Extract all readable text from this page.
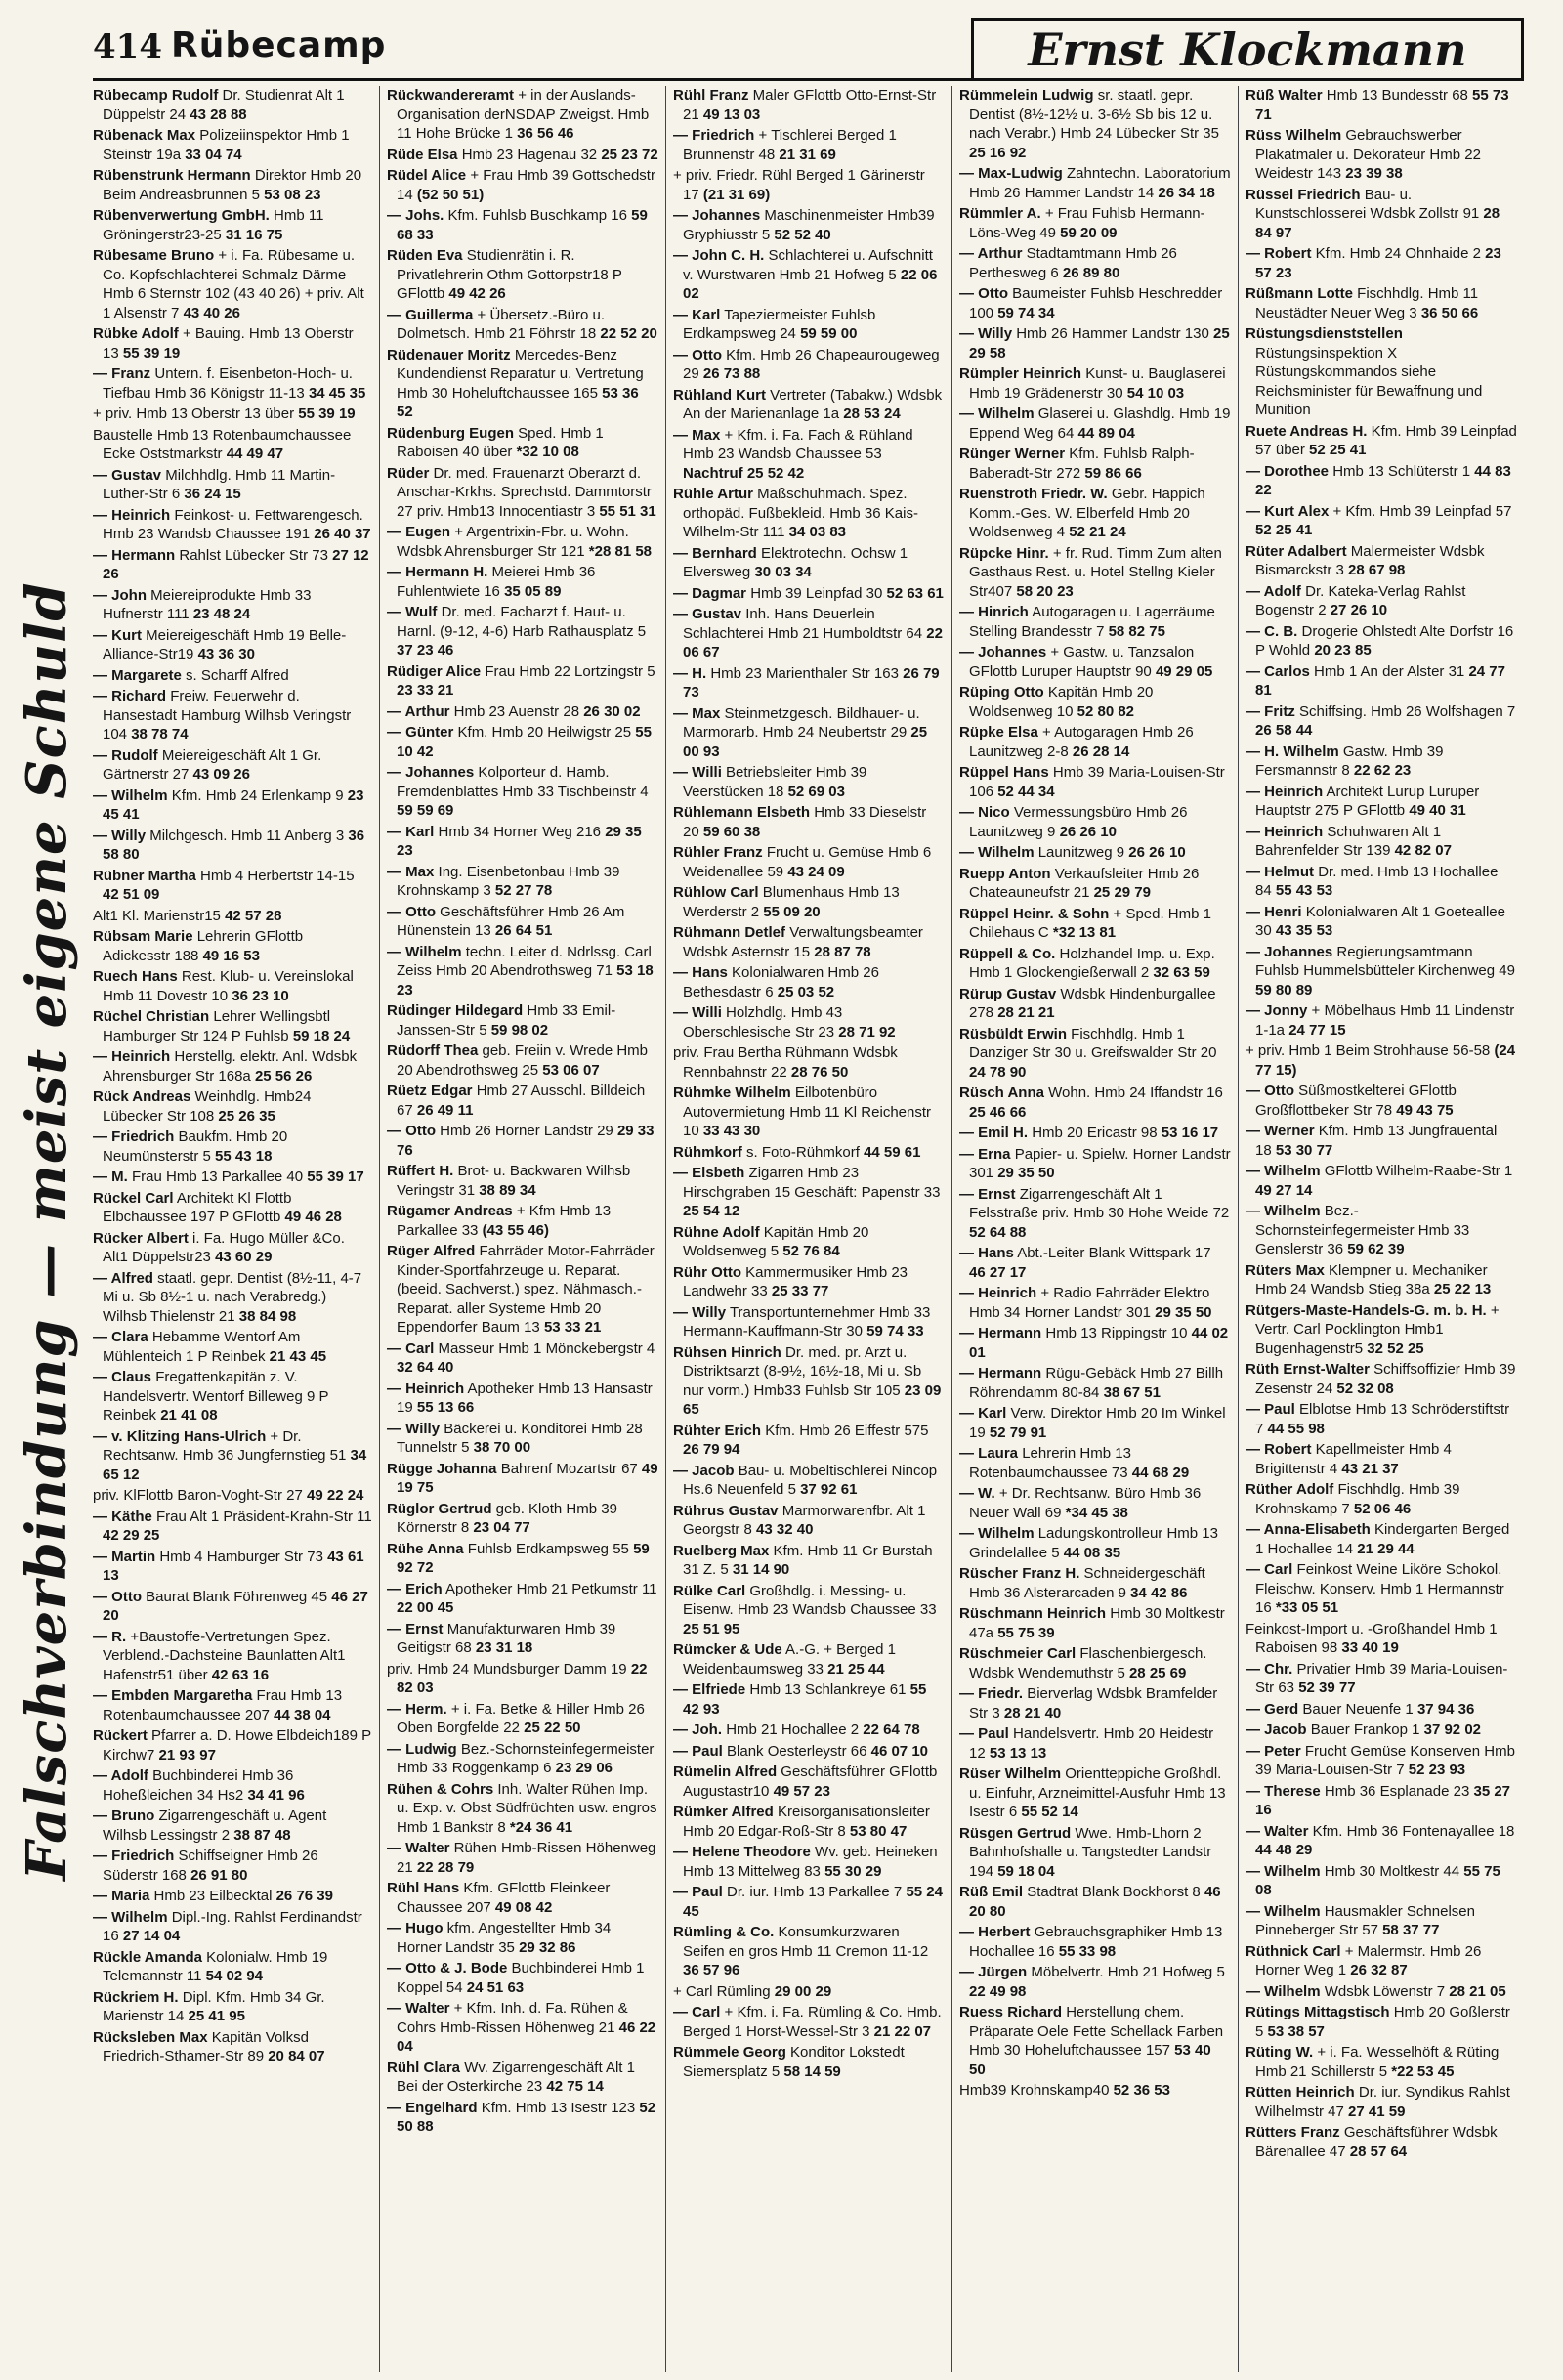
414 Rübecamp	Ernst Klockmann
Falschverbindung — meist eigene Schuld

Rübecamp Rudolf Dr. Studienrat Alt 1 Düppelstr 24 43 28 88

Rübenack Max Polizeiinspektor Hmb 1 Steinstr 19a 33 04 74

Rübenstrunk Hermann Direktor Hmb 20 Beim Andreasbrunnen 5 53 08 23

Rübenverwertung GmbH. Hmb 11 Gröningerstr23-25 31 16 75

Rübesame Bruno + i. Fa. Rübesame u. Co. Kopfschlachterei Schmalz Därme Hmb 6 Sternstr 102 (43 40 26) + priv. Alt 1 Alsenstr 7 43 40 26

Rübke Adolf + Bauing. Hmb 13 Oberstr 13 55 39 19

— Franz Untern. f. Eisenbeton-Hoch- u. Tiefbau Hmb 36 Königstr 11-13 34 45 35

+ priv. Hmb 13 Oberstr 13 über 55 39 19

Baustelle Hmb 13 Rotenbaumchaussee Ecke Oststmarkstr 44 49 47

— Gustav Milchhdlg. Hmb 11 Martin-Luther-Str 6 36 24 15

— Heinrich Feinkost- u. Fettwarengesch. Hmb 23 Wandsb Chaussee 191 26 40 37

— Hermann Rahlst Lübecker Str 73 27 12 26

— John Meiereiprodukte Hmb 33 Hufnerstr 111 23 48 24

— Kurt Meiereigeschäft Hmb 19 Belle-Alliance-Str19 43 36 30

— Margarete s. Scharff Alfred

— Richard Freiw. Feuerwehr d. Hansestadt Hamburg Wilhsb Veringstr 104 38 78 74

— Rudolf Meiereigeschäft Alt 1 Gr. Gärtnerstr 27 43 09 26

— Wilhelm Kfm. Hmb 24 Erlenkamp 9 23 45 41

— Willy Milchgesch. Hmb 11 Anberg 3 36 58 80

Rübner Martha Hmb 4 Herbertstr 14-15 42 51 09

Alt1 Kl. Marienstr15 42 57 28

Rübsam Marie Lehrerin GFlottb Adickesstr 188 49 16 53

Ruech Hans Rest. Klub- u. Vereinslokal Hmb 11 Dovestr 10 36 23 10

Rüchel Christian Lehrer Wellingsbtl Hamburger Str 124 P Fuhlsb 59 18 24

— Heinrich Herstellg. elektr. Anl. Wdsbk Ahrensburger Str 168a 25 56 26

Rück Andreas Weinhdlg. Hmb24 Lübecker Str 108 25 26 35

— Friedrich Baukfm. Hmb 20 Neumünsterstr 5 55 43 18

— M. Frau Hmb 13 Parkallee 40 55 39 17

Rückel Carl Architekt Kl Flottb Elbchaussee 197 P GFlottb 49 46 28

Rücker Albert i. Fa. Hugo Müller &Co. Alt1 Düppelstr23 43 60 29

— Alfred staatl. gepr. Dentist (8½-11, 4-7 Mi u. Sb 8½-1 u. nach Verabredg.) Wilhsb Thielenstr 21 38 84 98

— Clara Hebamme Wentorf Am Mühlenteich 1 P Reinbek 21 43 45

— Claus Fregattenkapitän z. V. Handelsvertr. Wentorf Billeweg 9 P Reinbek 21 41 08

— v. Klitzing Hans-Ulrich + Dr. Rechtsanw. Hmb 36 Jungfernstieg 51 34 65 12

priv. KlFlottb Baron-Voght-Str 27 49 22 24

— Käthe Frau Alt 1 Präsident-Krahn-Str 11 42 29 25

— Martin Hmb 4 Hamburger Str 73 43 61 13

— Otto Baurat Blank Föhrenweg 45 46 27 20

— R. +Baustoffe-Vertretungen Spez. Verblend.-Dachsteine Baunlatten Alt1 Hafenstr51 über 42 63 16

— Embden Margaretha Frau Hmb 13 Rotenbaumchaussee 207 44 38 04

Rückert Pfarrer a. D. Howe Elbdeich189 P Kirchw7 21 93 97

— Adolf Buchbinderei Hmb 36 Hoheßleichen 34 Hs2 34 41 96

— Bruno Zigarrengeschäft u. Agent Wilhsb Lessingstr 2 38 87 48

— Friedrich Schiffseigner Hmb 26 Süderstr 168 26 91 80

— Maria Hmb 23 Eilbecktal 26 76 39

— Wilhelm Dipl.-Ing. Rahlst Ferdinandstr 16 27 14 04

Rückle Amanda Kolonialw. Hmb 19 Telemannstr 11 54 02 94

Rückriem H. Dipl. Kfm. Hmb 34 Gr. Marienstr 14 25 41 95

Rücksleben Max Kapitän Volksd Friedrich-Sthamer-Str 89 20 84 07

Rückwandereramt + in der Auslands-Organisation derNSDAP Zweigst. Hmb 11 Hohe Brücke 1 36 56 46

Rüde Elsa Hmb 23 Hagenau 32 25 23 72

Rüdel Alice + Frau Hmb 39 Gottschedstr 14 (52 50 51)

— Johs. Kfm. Fuhlsb Buschkamp 16 59 68 33

Rüden Eva Studienrätin i. R. Privatlehrerin Othm Gottorpstr18 P GFlottb 49 42 26

— Guillerma + Übersetz.-Büro u. Dolmetsch. Hmb 21 Föhrstr 18 22 52 20

Rüdenauer Moritz Mercedes-Benz Kundendienst Reparatur u. Vertretung Hmb 30 Hoheluftchaussee 165 53 36 52

Rüdenburg Eugen Sped. Hmb 1 Raboisen 40 über *32 10 08

Rüder Dr. med. Frauenarzt Oberarzt d. Anschar-Krkhs. Sprechstd. Dammtorstr 27 priv. Hmb13 Innocentiastr 3 55 51 31

— Eugen + Argentrixin-Fbr. u. Wohn. Wdsbk Ahrensburger Str 121 *28 81 58

— Hermann H. Meierei Hmb 36 Fuhlentwiete 16 35 05 89

— Wulf Dr. med. Facharzt f. Haut- u. Harnl. (9-12, 4-6) Harb Rathausplatz 5 37 23 46

Rüdiger Alice Frau Hmb 22 Lortzingstr 5 23 33 21

— Arthur Hmb 23 Auenstr 28 26 30 02

— Günter Kfm. Hmb 20 Heilwigstr 25 55 10 42

— Johannes Kolporteur d. Hamb. Fremdenblattes Hmb 33 Tischbeinstr 4 59 59 69

— Karl Hmb 34 Horner Weg 216 29 35 23

— Max Ing. Eisenbetonbau Hmb 39 Krohnskamp 3 52 27 78

— Otto Geschäftsführer Hmb 26 Am Hünenstein 13 26 64 51

— Wilhelm techn. Leiter d. Ndrlssg. Carl Zeiss Hmb 20 Abendrothsweg 71 53 18 23

Rüdinger Hildegard Hmb 33 Emil-Janssen-Str 5 59 98 02

Rüdorff Thea geb. Freiin v. Wrede Hmb 20 Abendrothsweg 25 53 06 07

Rüetz Edgar Hmb 27 Ausschl. Billdeich 67 26 49 11

— Otto Hmb 26 Horner Landstr 29 29 33 76

Rüffert H. Brot- u. Backwaren Wilhsb Veringstr 31 38 89 34

Rügamer Andreas + Kfm Hmb 13 Parkallee 33 (43 55 46)

Rüger Alfred Fahrräder Motor-Fahrräder Kinder-Sportfahrzeuge u. Reparat. (beeid. Sachverst.) spez. Nähmasch.-Reparat. aller Systeme Hmb 20 Eppendorfer Baum 13 53 33 21

— Carl Masseur Hmb 1 Mönckebergstr 4 32 64 40

— Heinrich Apotheker Hmb 13 Hansastr 19 55 13 66

— Willy Bäckerei u. Konditorei Hmb 28 Tunnelstr 5 38 70 00

Rügge Johanna Bahrenf Mozartstr 67 49 19 75

Rüglor Gertrud geb. Kloth Hmb 39 Körnerstr 8 23 04 77

Rühe Anna Fuhlsb Erdkampsweg 55 59 92 72

— Erich Apotheker Hmb 21 Petkumstr 11 22 00 45

— Ernst Manufakturwaren Hmb 39 Geitigstr 68 23 31 18

priv. Hmb 24 Mundsburger Damm 19 22 82 03

— Herm. + i. Fa. Betke & Hiller Hmb 26 Oben Borgfelde 22 25 22 50

— Ludwig Bez.-Schornsteinfegermeister Hmb 33 Roggenkamp 6 23 29 06

Rühen & Cohrs Inh. Walter Rühen Imp. u. Exp. v. Obst Südfrüchten usw. engros Hmb 1 Bankstr 8 *24 36 41

— Walter Rühen Hmb-Rissen Höhenweg 21 22 28 79

Rühl Hans Kfm. GFlottb Fleinkeer Chaussee 207 49 08 42

— Hugo kfm. Angestellter Hmb 34 Horner Landstr 35 29 32 86

— Otto & J. Bode Buchbinderei Hmb 1 Koppel 54 24 51 63

— Walter + Kfm. Inh. d. Fa. Rühen & Cohrs Hmb-Rissen Höhenweg 21 46 22 04

Rühl Clara Wv. Zigarrengeschäft Alt 1 Bei der Osterkirche 23 42 75 14

— Engelhard Kfm. Hmb 13 Isestr 123 52 50 88

Rühl Franz Maler GFlottb Otto-Ernst-Str 21 49 13 03

— Friedrich + Tischlerei Berged 1 Brunnenstr 48 21 31 69

+ priv. Friedr. Rühl Berged 1 Gärinerstr 17 (21 31 69)

— Johannes Maschinenmeister Hmb39 Gryphiusstr 5 52 52 40

— John C. H. Schlachterei u. Aufschnitt v. Wurstwaren Hmb 21 Hofweg 5 22 06 02

— Karl Tapeziermeister Fuhlsb Erdkampsweg 24 59 59 00

— Otto Kfm. Hmb 26 Chapeaurougeweg 29 26 73 88

Rühland Kurt Vertreter (Tabakw.) Wdsbk An der Marienanlage 1a 28 53 24

— Max + Kfm. i. Fa. Fach & Rühland Hmb 23 Wandsb Chaussee 53 Nachtruf 25 52 42

Rühle Artur Maßschuhmach. Spez. orthopäd. Fußbekleid. Hmb 36 Kais-Wilhelm-Str 111 34 03 83

— Bernhard Elektrotechn. Ochsw 1 Elversweg 30 03 34

— Dagmar Hmb 39 Leinpfad 30 52 63 61

— Gustav Inh. Hans Deuerlein Schlachterei Hmb 21 Humboldtstr 64 22 06 67

— H. Hmb 23 Marienthaler Str 163 26 79 73

— Max Steinmetzgesch. Bildhauer- u. Marmorarb. Hmb 24 Neubertstr 29 25 00 93

— Willi Betriebsleiter Hmb 39 Veerstücken 18 52 69 03

Rühlemann Elsbeth Hmb 33 Dieselstr 20 59 60 38

Rühler Franz Frucht u. Gemüse Hmb 6 Weidenallee 59 43 24 09

Rühlow Carl Blumenhaus Hmb 13 Werderstr 2 55 09 20

Rühmann Detlef Verwaltungsbeamter Wdsbk Asternstr 15 28 87 78

— Hans Kolonialwaren Hmb 26 Bethesdastr 6 25 03 52

— Willi Holzhdlg. Hmb 43 Oberschlesische Str 23 28 71 92

priv. Frau Bertha Rühmann Wdsbk Rennbahnstr 22 28 76 50

Rühmke Wilhelm Eilbotenbüro Autovermietung Hmb 11 Kl Reichenstr 10 33 43 30

Rühmkorf s. Foto-Rühmkorf 44 59 61

— Elsbeth Zigarren Hmb 23 Hirschgraben 15 Geschäft: Papenstr 33 25 54 12

Rühne Adolf Kapitän Hmb 20 Woldsenweg 5 52 76 84

Rühr Otto Kammermusiker Hmb 23 Landwehr 33 25 33 77

— Willy Transportunternehmer Hmb 33 Hermann-Kauffmann-Str 30 59 74 33

Rühsen Hinrich Dr. med. pr. Arzt u. Distriktsarzt (8-9½, 16½-18, Mi u. Sb nur vorm.) Hmb33 Fuhlsb Str 105 23 09 65

Rühter Erich Kfm. Hmb 26 Eiffestr 575 26 79 94

— Jacob Bau- u. Möbeltischlerei Nincop Hs.6 Neuenfeld 5 37 92 61

Rührus Gustav Marmorwarenfbr. Alt 1 Georgstr 8 43 32 40

Ruelberg Max Kfm. Hmb 11 Gr Burstah 31 Z. 5 31 14 90

Rülke Carl Großhdlg. i. Messing- u. Eisenw. Hmb 23 Wandsb Chaussee 33 25 51 95

Rümcker & Ude A.-G. + Berged 1 Weidenbaumsweg 33 21 25 44

— Elfriede Hmb 13 Schlankreye 61 55 42 93

— Joh. Hmb 21 Hochallee 2 22 64 78

— Paul Blank Oesterleystr 66 46 07 10

Rümelin Alfred Geschäftsführer GFlottb Augustastr10 49 57 23

Rümker Alfred Kreisorganisationsleiter Hmb 20 Edgar-Roß-Str 8 53 80 47

— Helene Theodore Wv. geb. Heineken Hmb 13 Mittelweg 83 55 30 29

— Paul Dr. iur. Hmb 13 Parkallee 7 55 24 45

Rümling & Co. Konsumkurzwaren Seifen en gros Hmb 11 Cremon 11-12 36 57 96

+ Carl Rümling 29 00 29

— Carl + Kfm. i. Fa. Rümling & Co. Hmb. Berged 1 Horst-Wessel-Str 3 21 22 07

Rümmele Georg Konditor Lokstedt Siemersplatz 5 58 14 59

Rümmelein Ludwig sr. staatl. gepr. Dentist (8½-12½ u. 3-6½ Sb bis 12 u. nach Verabr.) Hmb 24 Lübecker Str 35 25 16 92

— Max-Ludwig Zahntechn. Laboratorium Hmb 26 Hammer Landstr 14 26 34 18

Rümmler A. + Frau Fuhlsb Hermann-Löns-Weg 49 59 20 09

— Arthur Stadtamtmann Hmb 26 Perthesweg 6 26 89 80

— Otto Baumeister Fuhlsb Heschredder 100 59 74 34

— Willy Hmb 26 Hammer Landstr 130 25 29 58

Rümpler Heinrich Kunst- u. Bauglaserei Hmb 19 Grädenerstr 30 54 10 03

— Wilhelm Glaserei u. Glashdlg. Hmb 19 Eppend Weg 64 44 89 04

Rünger Werner Kfm. Fuhlsb Ralph-Baberadt-Str 272 59 86 66

Ruenstroth Friedr. W. Gebr. Happich Komm.-Ges. W. Elberfeld Hmb 20 Woldsenweg 4 52 21 24

Rüpcke Hinr. + fr. Rud. Timm Zum alten Gasthaus Rest. u. Hotel Stellng Kieler Str407 58 20 23

— Hinrich Autogaragen u. Lagerräume Stelling Brandesstr 7 58 82 75

— Johannes + Gastw. u. Tanzsalon GFlottb Luruper Hauptstr 90 49 29 05

Rüping Otto Kapitän Hmb 20 Woldsenweg 10 52 80 82

Rüpke Elsa + Autogaragen Hmb 26 Launitzweg 2-8 26 28 14

Rüppel Hans Hmb 39 Maria-Louisen-Str 106 52 44 34

— Nico Vermessungsbüro Hmb 26 Launitzweg 9 26 26 10

— Wilhelm Launitzweg 9 26 26 10

Ruepp Anton Verkaufsleiter Hmb 26 Chateauneufstr 21 25 29 79

Rüppel Heinr. & Sohn + Sped. Hmb 1 Chilehaus C *32 13 81

Rüppell & Co. Holzhandel Imp. u. Exp. Hmb 1 Glockengießerwall 2 32 63 59

Rürup Gustav Wdsbk Hindenburgallee 278 28 21 21

Rüsbüldt Erwin Fischhdlg. Hmb 1 Danziger Str 30 u. Greifswalder Str 20 24 78 90

Rüsch Anna Wohn. Hmb 24 Iffandstr 16 25 46 66

— Emil H. Hmb 20 Ericastr 98 53 16 17

— Erna Papier- u. Spielw. Horner Landstr 301 29 35 50

— Ernst Zigarrengeschäft Alt 1 Felsstraße priv. Hmb 30 Hohe Weide 72 52 64 88

— Hans Abt.-Leiter Blank Wittspark 17 46 27 17

— Heinrich + Radio Fahrräder Elektro Hmb 34 Horner Landstr 301 29 35 50

— Hermann Hmb 13 Rippingstr 10 44 02 01

— Hermann Rügu-Gebäck Hmb 27 Billh Röhrendamm 80-84 38 67 51

— Karl Verw. Direktor Hmb 20 Im Winkel 19 52 79 91

— Laura Lehrerin Hmb 13 Rotenbaumchaussee 73 44 68 29

— W. + Dr. Rechtsanw. Büro Hmb 36 Neuer Wall 69 *34 45 38

— Wilhelm Ladungskontrolleur Hmb 13 Grindelallee 5 44 08 35

Rüscher Franz H. Schneidergeschäft Hmb 36 Alsterarcaden 9 34 42 86

Rüschmann Heinrich Hmb 30 Moltkestr 47a 55 75 39

Rüschmeier Carl Flaschenbiergesch. Wdsbk Wendemuthstr 5 28 25 69

— Friedr. Bierverlag Wdsbk Bramfelder Str 3 28 21 40

— Paul Handelsvertr. Hmb 20 Heidestr 12 53 13 13

Rüser Wilhelm Orientteppiche Großhdl. u. Einfuhr, Arzneimittel-Ausfuhr Hmb 13 Isestr 6 55 52 14

Rüsgen Gertrud Wwe. Hmb-Lhorn 2 Bahnhofshalle u. Tangstedter Landstr 194 59 18 04

Rüß Emil Stadtrat Blank Bockhorst 8 46 20 80

— Herbert Gebrauchsgraphiker Hmb 13 Hochallee 16 55 33 98

— Jürgen Möbelvertr. Hmb 21 Hofweg 5 22 49 98

Ruess Richard Herstellung chem. Präparate Oele Fette Schellack Farben Hmb 30 Hoheluftchaussee 157 53 40 50

Hmb39 Krohnskamp40 52 36 53

Rüß Walter Hmb 13 Bundesstr 68 55 73 71

Rüss Wilhelm Gebrauchswerber Plakatmaler u. Dekorateur Hmb 22 Weidestr 143 23 39 38

Rüssel Friedrich Bau- u. Kunstschlosserei Wdsbk Zollstr 91 28 84 97

— Robert Kfm. Hmb 24 Ohnhaide 2 23 57 23

Rüßmann Lotte Fischhdlg. Hmb 11 Neustädter Neuer Weg 3 36 50 66

Rüstungsdienststellen Rüstungsinspektion X Rüstungskommandos siehe Reichsminister für Bewaffnung und Munition

Ruete Andreas H. Kfm. Hmb 39 Leinpfad 57 über 52 25 41

— Dorothee Hmb 13 Schlüterstr 1 44 83 22

— Kurt Alex + Kfm. Hmb 39 Leinpfad 57 52 25 41

Rüter Adalbert Malermeister Wdsbk Bismarckstr 3 28 67 98

— Adolf Dr. Kateka-Verlag Rahlst Bogenstr 2 27 26 10

— C. B. Drogerie Ohlstedt Alte Dorfstr 16 P Wohld 20 23 85

— Carlos Hmb 1 An der Alster 31 24 77 81

— Fritz Schiffsing. Hmb 26 Wolfshagen 7 26 58 44

— H. Wilhelm Gastw. Hmb 39 Fersmannstr 8 22 62 23

— Heinrich Architekt Lurup Luruper Hauptstr 275 P GFlottb 49 40 31

— Heinrich Schuhwaren Alt 1 Bahrenfelder Str 139 42 82 07

— Helmut Dr. med. Hmb 13 Hochallee 84 55 43 53

— Henri Kolonialwaren Alt 1 Goeteallee 30 43 35 53

— Johannes Regierungsamtmann Fuhlsb Hummelsbütteler Kirchenweg 49 59 80 89

— Jonny + Möbelhaus Hmb 11 Lindenstr 1-1a 24 77 15

+ priv. Hmb 1 Beim Strohhause 56-58 (24 77 15)

— Otto Süßmostkelterei GFlottb Großflottbeker Str 78 49 43 75

— Werner Kfm. Hmb 13 Jungfrauental 18 53 30 77

— Wilhelm GFlottb Wilhelm-Raabe-Str 1 49 27 14

— Wilhelm Bez.-Schornsteinfegermeister Hmb 33 Genslerstr 36 59 62 39

Rüters Max Klempner u. Mechaniker Hmb 24 Wandsb Stieg 38a 25 22 13

Rütgers-Maste-Handels-G. m. b. H. + Vertr. Carl Pocklington Hmb1 Bugenhagenstr5 32 52 25

Rüth Ernst-Walter Schiffsoffizier Hmb 39 Zesenstr 24 52 32 08

— Paul Elblotse Hmb 13 Schröderstiftstr 7 44 55 98

— Robert Kapellmeister Hmb 4 Brigittenstr 4 43 21 37

Rüther Adolf Fischhdlg. Hmb 39 Krohnskamp 7 52 06 46

— Anna-Elisabeth Kindergarten Berged 1 Hochallee 14 21 29 44

— Carl Feinkost Weine Liköre Schokol. Fleischw. Konserv. Hmb 1 Hermannstr 16 *33 05 51

Feinkost-Import u. -Großhandel Hmb 1 Raboisen 98 33 40 19

— Chr. Privatier Hmb 39 Maria-Louisen-Str 63 52 39 77

— Gerd Bauer Neuenfe 1 37 94 36

— Jacob Bauer Frankop 1 37 92 02

— Peter Frucht Gemüse Konserven Hmb 39 Maria-Louisen-Str 7 52 23 93

— Therese Hmb 36 Esplanade 23 35 27 16

— Walter Kfm. Hmb 36 Fontenayallee 18 44 48 29

— Wilhelm Hmb 30 Moltkestr 44 55 75 08

— Wilhelm Hausmakler Schnelsen Pinneberger Str 57 58 37 77

Rüthnick Carl + Malermstr. Hmb 26 Horner Weg 1 26 32 87

— Wilhelm Wdsbk Löwenstr 7 28 21 05

Rütings Mittagstisch Hmb 20 Goßlerstr 5 53 38 57

Rüting W. + i. Fa. Wesselhöft & Rüting Hmb 21 Schillerstr 5 *22 53 45

Rütten Heinrich Dr. iur. Syndikus Rahlst Wilhelmstr 47 27 41 59

Rütters Franz Geschäftsführer Wdsbk Bärenallee 47 28 57 64
